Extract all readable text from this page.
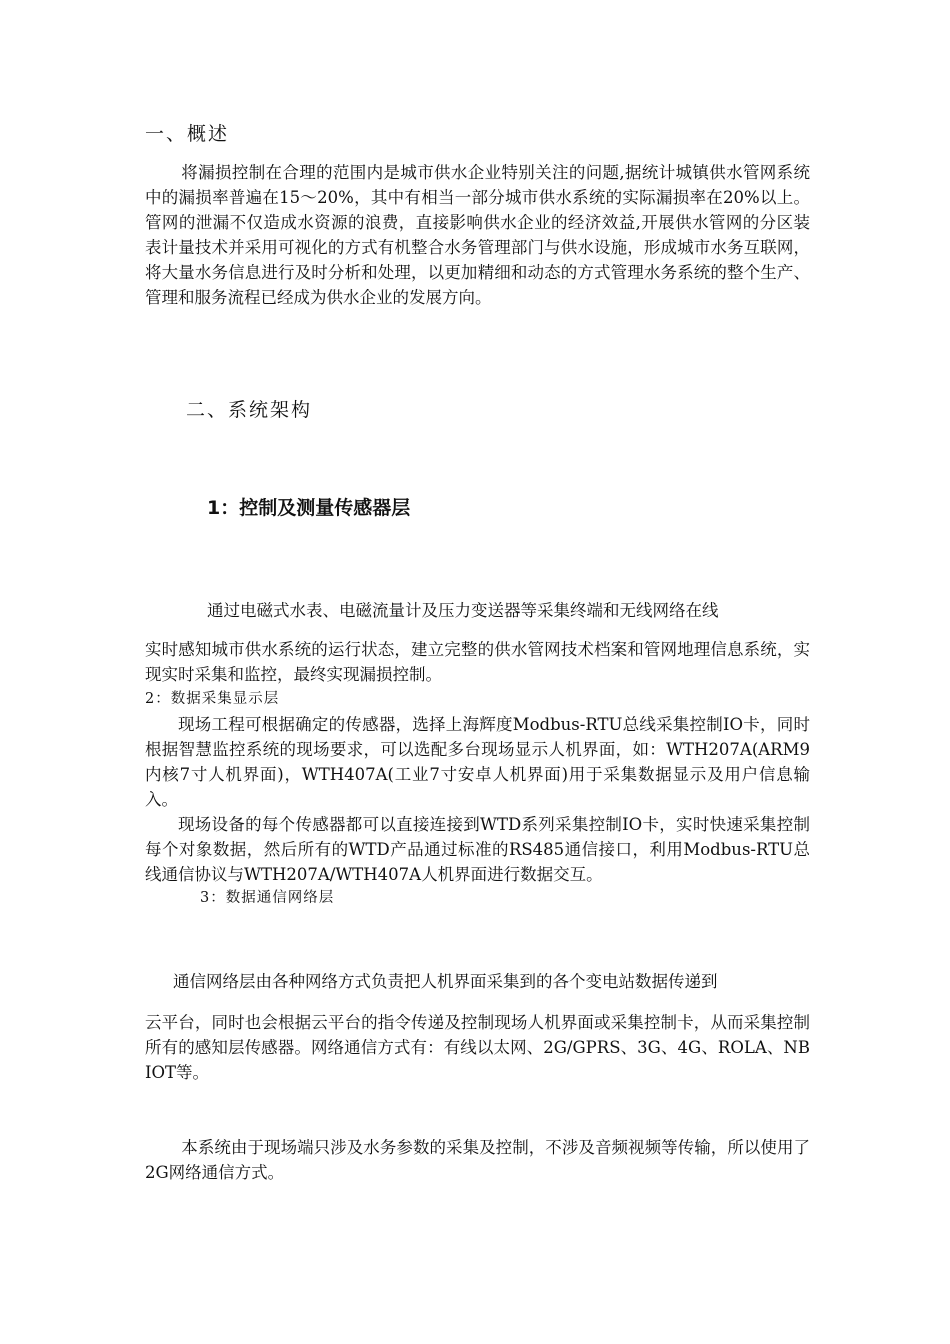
一、概述

将漏损控制在合理的范围内是城市供水企业特别关注的问题,据统计城镇供水管网系统中的漏损率普遍在15～20%，其中有相当一部分城市供水系统的实际漏损率在20%以上。管网的泄漏不仅造成水资源的浪费，直接影响供水企业的经济效益,开展供水管网的分区装表计量技术并采用可视化的方式有机整合水务管理部门与供水设施，形成城市水务互联网，将大量水务信息进行及时分析和处理，以更加精细和动态的方式管理水务系统的整个生产、管理和服务流程已经成为供水企业的发展方向。

二、系统架构
1：控制及测量传感器层
通过电磁式水表、电磁流量计及压力变送器等采集终端和无线网络在线

实时感知城市供水系统的运行状态，建立完整的供水管网技术档案和管网地理信息系统，实现实时采集和监控，最终实现漏损控制。

2：数据采集显示层

现场工程可根据确定的传感器，选择上海辉度Modbus-RTU总线采集控制IO卡，同时根据智慧监控系统的现场要求，可以选配多台现场显示人机界面，如：WTH207A(ARM9内核7寸人机界面)，WTH407A(工业7寸安卓人机界面)用于采集数据显示及用户信息输入。

现场设备的每个传感器都可以直接连接到WTD系列采集控制IO卡，实时快速采集控制每个对象数据，然后所有的WTD产品通过标准的RS485通信接口，利用Modbus-RTU总线通信协议与WTH207A/WTH407A人机界面进行数据交互。

3：数据通信网络层
通信网络层由各种网络方式负责把人机界面采集到的各个变电站数据传递到

云平台，同时也会根据云平台的指令传递及控制现场人机界面或采集控制卡，从而采集控制所有的感知层传感器。网络通信方式有：有线以太网、2G/GPRS、3G、4G、ROLA、NBIOT等。

本系统由于现场端只涉及水务参数的采集及控制，不涉及音频视频等传输，所以使用了2G网络通信方式。
